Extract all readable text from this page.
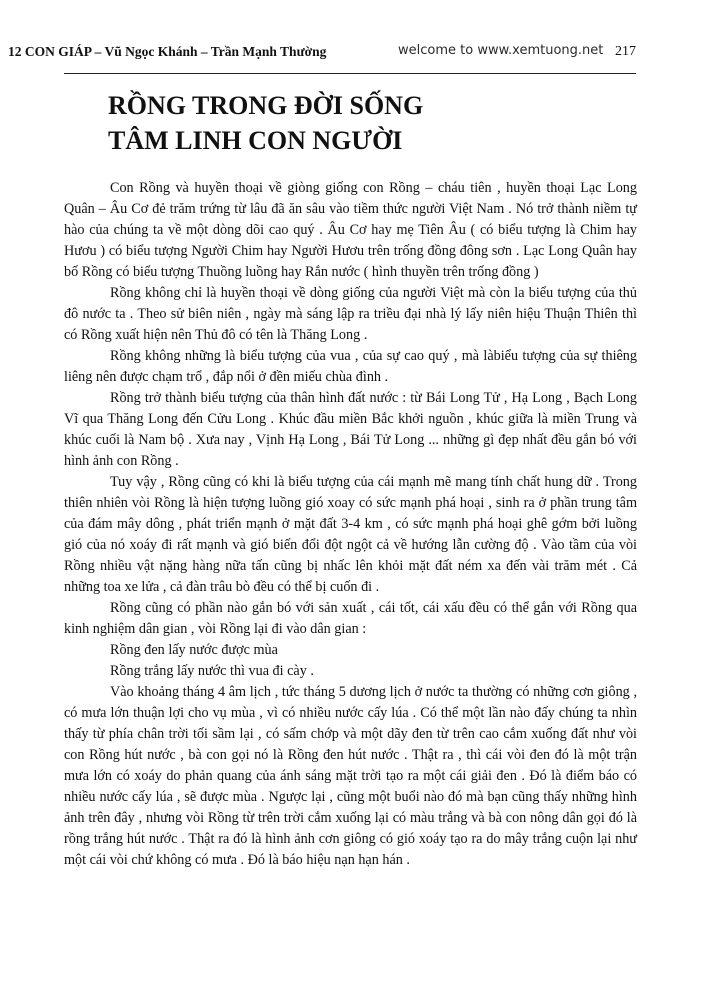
12 CON GIÁP – Vũ Ngọc Khánh – Trần Mạnh Thường	welcome to www.xemtuong.net 217
RỒNG TRONG ĐỜI SỐNG
TÂM LINH CON NGƯỜI

Con Rồng và huyền thoại về giòng giống con Rồng – cháu tiên , huyền thoại Lạc Long Quân – Âu Cơ đẻ trăm trứng từ lâu đã ăn sâu vào tiềm thức người Việt Nam . Nó trở thành niềm tự hào của chúng ta về một dòng dõi cao quý . Âu Cơ hay mẹ Tiên Âu ( có biểu tượng là Chim hay Hươu ) có biểu tượng Người Chim hay Người Hươu trên trống đồng đông sơn . Lạc Long Quân hay bố Rồng có biểu tượng Thuồng luồng hay Rắn nước ( hình thuyền trên trống đồng )

Rồng không chỉ là huyền thoại về dòng giống của người Việt mà còn la biểu tượng của thủ đô nước ta . Theo sử biên niên , ngày mà sáng lập ra triều đại nhà lý lấy niên hiệu Thuận Thiên thì có Rồng xuất hiện nên Thủ đô có tên là Thăng Long .

Rồng không những là biểu tượng của vua , của sự cao quý , mà làbiểu tượng của sự thiêng liêng nên được chạm trổ , đắp nổi ở đền miếu chùa đình .

Rồng trở thành biểu tượng của thân hình đất nước : từ Bái Long Tử , Hạ Long , Bạch Long Vĩ qua Thăng Long đến Cửu Long . Khúc đầu miền Bắc khởi nguồn , khúc giữa là miền Trung và khúc cuối là Nam bộ . Xưa nay , Vịnh Hạ Long , Bái Tử Long ... những gì đẹp nhất đều gắn bó với hình ảnh con Rồng .

Tuy vậy , Rồng cũng có khi là biểu tượng của cái mạnh mẽ mang tính chất hung dữ . Trong thiên nhiên vòi Rồng là hiện tượng luồng gió xoay có sức mạnh phá hoại , sinh ra ở phần trung tâm của đám mây dông , phát triển mạnh ở mặt đất 3-4 km , có sức mạnh phá hoại ghê gớm bởi luồng gió của nó xoáy đi rất mạnh và gió biến đổi đột ngột cả về hướng lẫn cường độ . Vào tầm của vòi Rồng nhiều vật nặng hàng nữa tấn cũng bị nhấc lên khỏi mặt đất ném xa đến vài trăm mét . Cả những toa xe lửa , cả đàn trâu bò đều có thể bị cuốn đi .

Rồng cũng có phần nào gắn bó với sản xuất , cái tốt, cái xấu đều có thể gắn với Rồng qua kinh nghiệm dân gian , vòi Rồng lại đi vào dân gian :

Rồng đen lấy nước được mùa

Rồng trắng lấy nước thì vua đi cày .

Vào khoảng tháng 4 âm lịch , tức tháng 5 dương lịch ở nước ta thường có những cơn giông , có mưa lớn thuận lợi cho vụ mùa , vì có nhiều nước cấy lúa . Có thể một lần nào đấy chúng ta nhìn thấy từ phía chân trời tối sầm lại , có sấm chớp và một dãy đen từ trên cao cắm xuống đất như vòi con Rồng hút nước , bà con gọi nó là Rồng đen hút nước . Thật ra , thì cái vòi đen đó là một trận mưa lớn có xoáy do phản quang của ánh sáng mặt trời tạo ra một cái giải đen . Đó là điểm báo có nhiều nước cấy lúa , sẽ được mùa . Ngược lại , cũng một buổi nào đó mà bạn cũng thấy những hình ảnh trên đây , nhưng vòi Rồng từ trên trời cắm xuống lại có màu trắng và bà con nông dân gọi đó là rồng trắng hút nước . Thật ra đó là hình ảnh cơn giông có gió xoáy tạo ra do mây trắng cuộn lại như một cái vòi chứ không có mưa . Đó là báo hiệu nạn hạn hán .
